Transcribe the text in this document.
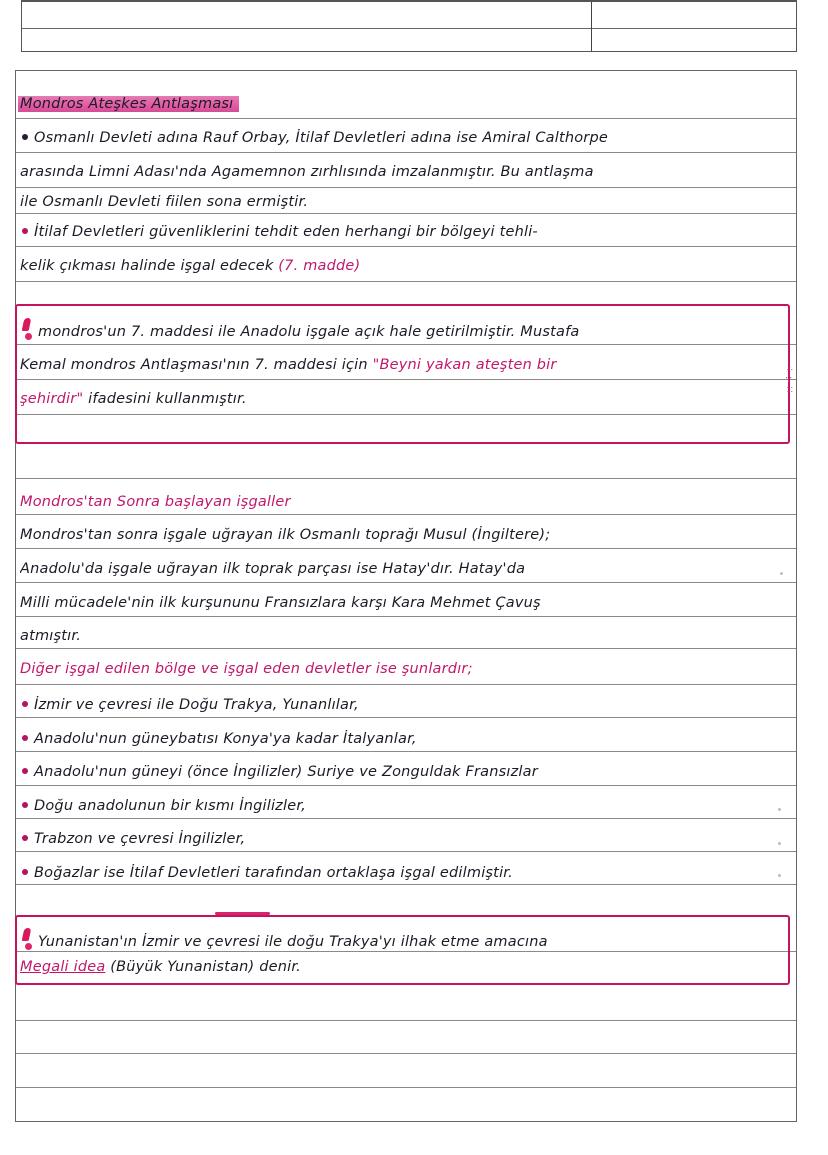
Mondros Ateşkes Antlaşması
Osmanlı Devleti adına Rauf Orbay, İtilaf Devletleri adına ise Amiral Calthorpe
arasında Limni Adası'nda Agamemnon zırhlısında imzalanmıştır. Bu antlaşma
ile Osmanlı Devleti fiilen sona ermiştir.
İtilaf Devletleri güvenliklerini tehdit eden herhangi bir bölgeyi tehli-
kelik çıkması halinde işgal edecek (7. madde)
mondros'un 7. maddesi ile Anadolu işgale açık hale getirilmiştir. Mustafa
Kemal mondros Antlaşması'nın 7. maddesi için "Beyni yakan ateşten bir
şehirdir" ifadesini kullanmıştır.
⁘
∵
⁙
Mondros'tan Sonra başlayan işgaller
Mondros'tan sonra işgale uğrayan ilk Osmanlı toprağı Musul (İngiltere);
Anadolu'da işgale uğrayan ilk toprak parçası ise Hatay'dır. Hatay'da
Milli mücadele'nin ilk kurşununu Fransızlara karşı Kara Mehmet Çavuş
atmıştır.
Diğer işgal edilen bölge ve işgal eden devletler ise şunlardır;
İzmir ve çevresi ile Doğu Trakya, Yunanlılar,
Anadolu'nun güneybatısı Konya'ya kadar İtalyanlar,
Anadolu'nun güneyi (önce İngilizler) Suriye ve Zonguldak Fransızlar
Doğu anadolunun bir kısmı İngilizler,
Trabzon ve çevresi İngilizler,
Boğazlar ise İtilaf Devletleri tarafından ortaklaşa işgal edilmiştir.
Yunanistan'ın İzmir ve çevresi ile doğu Trakya'yı ilhak etme amacına
Megali idea (Büyük Yunanistan) denir.
